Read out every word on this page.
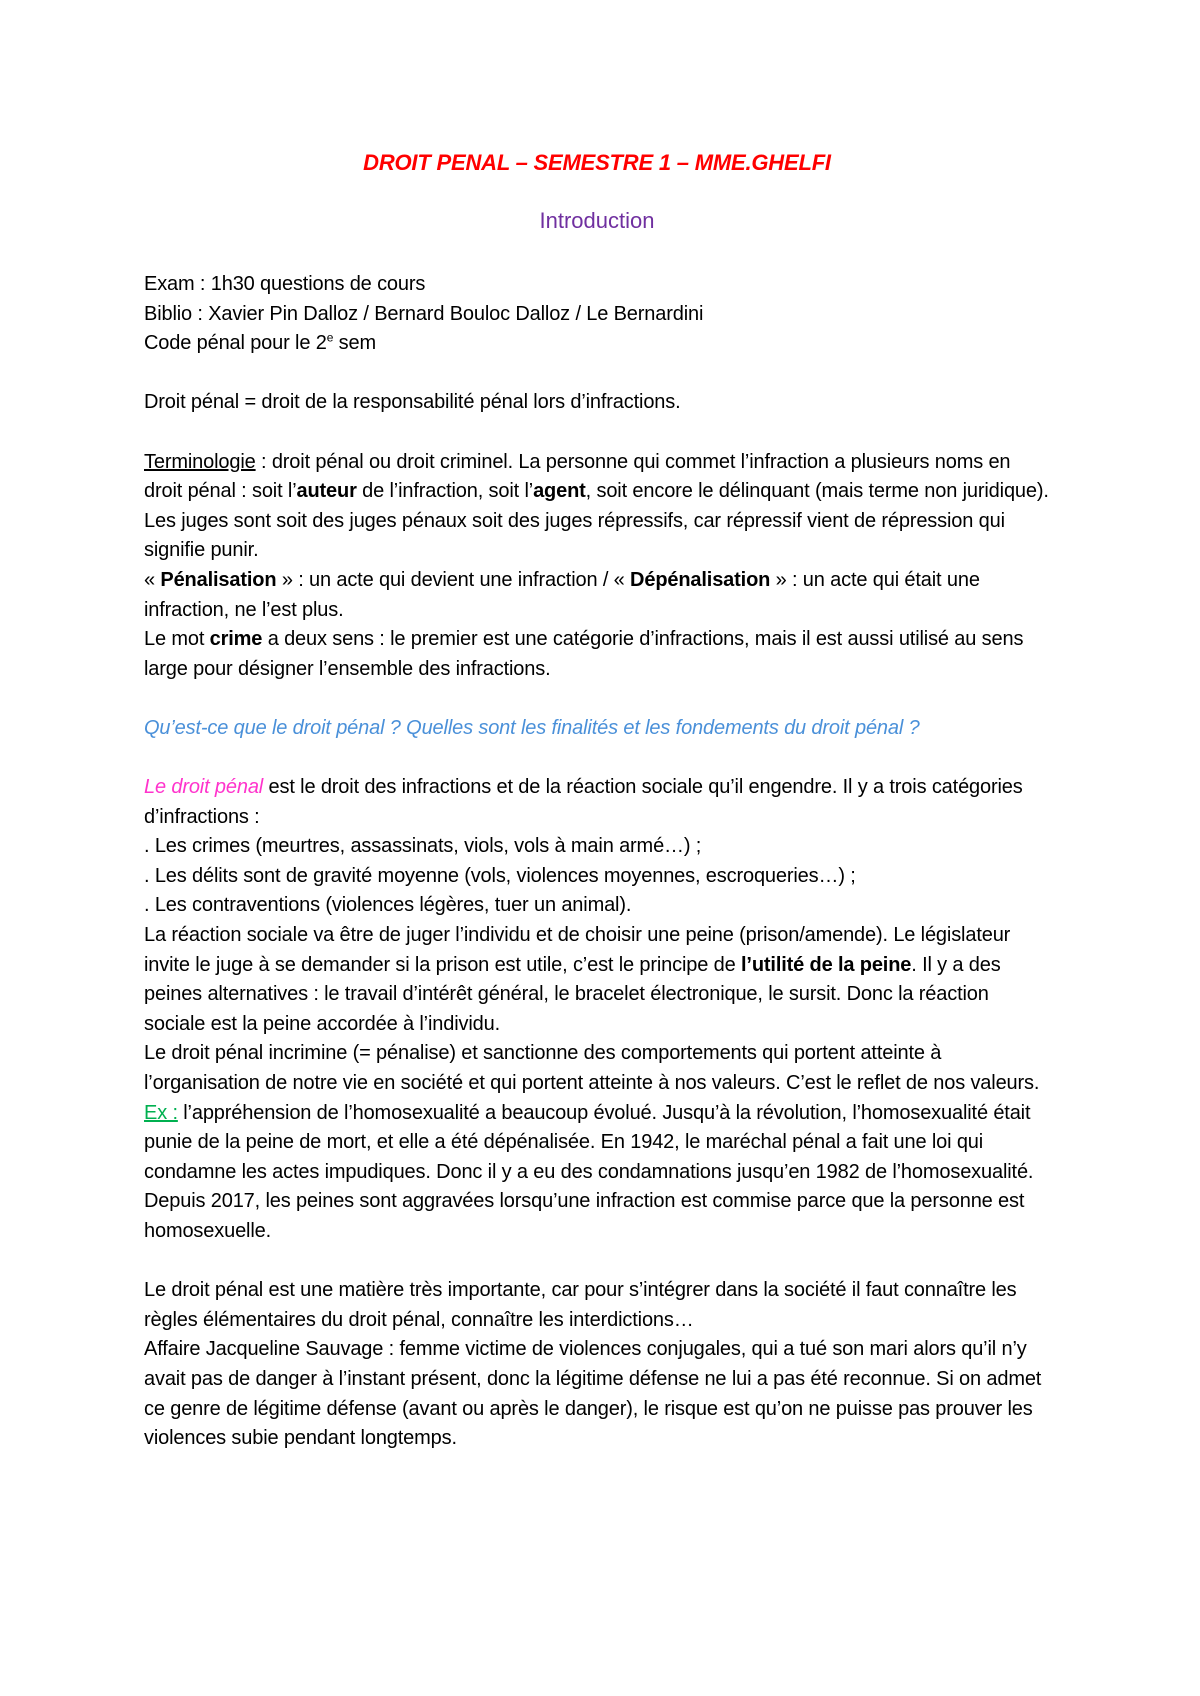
DROIT PENAL – SEMESTRE 1 – MME.GHELFI
Introduction

Exam : 1h30 questions de cours

Biblio : Xavier Pin Dalloz / Bernard Bouloc Dalloz / Le Bernardini

Code pénal pour le 2e sem

Droit pénal = droit de la responsabilité pénal lors d’infractions.

Terminologie : droit pénal ou droit criminel. La personne qui commet l’infraction a plusieurs noms en droit pénal : soit l’auteur de l’infraction, soit l’agent, soit encore le délinquant (mais terme non juridique).

Les juges sont soit des juges pénaux soit des juges répressifs, car répressif vient de répression qui signifie punir.

« Pénalisation » : un acte qui devient une infraction / « Dépénalisation » : un acte qui était une infraction, ne l’est plus.

Le mot crime a deux sens : le premier est une catégorie d’infractions, mais il est aussi utilisé au sens large pour désigner l’ensemble des infractions.

Qu’est-ce que le droit pénal ? Quelles sont les finalités et les fondements du droit pénal ?

Le droit pénal est le droit des infractions et de la réaction sociale qu’il engendre. Il y a trois catégories d’infractions :

. Les crimes (meurtres, assassinats, viols, vols à main armé…) ;

. Les délits sont de gravité moyenne (vols, violences moyennes, escroqueries…) ;

. Les contraventions (violences légères, tuer un animal).

La réaction sociale va être de juger l’individu et de choisir une peine (prison/amende). Le législateur invite le juge à se demander si la prison est utile, c’est le principe de l’utilité de la peine. Il y a des peines alternatives : le travail d’intérêt général, le bracelet électronique, le sursit. Donc la réaction sociale est la peine accordée à l’individu.

Le droit pénal incrimine (= pénalise) et sanctionne des comportements qui portent atteinte à l’organisation de notre vie en société et qui portent atteinte à nos valeurs. C’est le reflet de nos valeurs. Ex : l’appréhension de l’homosexualité a beaucoup évolué. Jusqu’à la révolution, l’homosexualité était punie de la peine de mort, et elle a été dépénalisée. En 1942, le maréchal pénal a fait une loi qui condamne les actes impudiques. Donc il y a eu des condamnations jusqu’en 1982 de l’homosexualité. Depuis 2017, les peines sont aggravées lorsqu’une infraction est commise parce que la personne est homosexuelle.

Le droit pénal est une matière très importante, car pour s’intégrer dans la société il faut connaître les règles élémentaires du droit pénal, connaître les interdictions…

Affaire Jacqueline Sauvage : femme victime de violences conjugales, qui a tué son mari alors qu’il n’y avait pas de danger à l’instant présent, donc la légitime défense ne lui a pas été reconnue. Si on admet ce genre de légitime défense (avant ou après le danger), le risque est qu’on ne puisse pas prouver les violences subie pendant longtemps.
